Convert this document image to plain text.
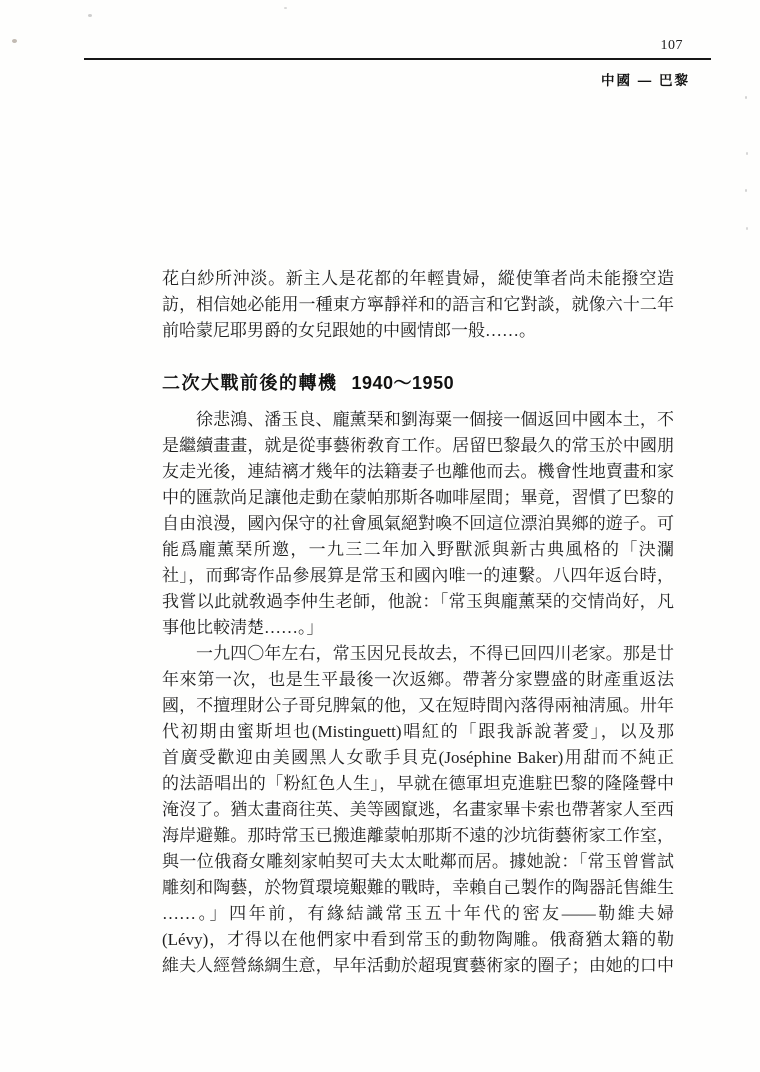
107
中國 — 巴黎
花白紗所沖淡。新主人是花都的年輕貴婦，縱使筆者尚未能撥空造
訪，相信她必能用一種東方寧靜祥和的語言和它對談，就像六十二年
前哈蒙尼耶男爵的女兒跟她的中國情郎一般……。
二次大戰前後的轉機 1940～1950
徐悲鴻、潘玉良、龐薰琹和劉海粟一個接一個返回中國本土，不
是繼續畫畫，就是從事藝術敎育工作。居留巴黎最久的常玉於中國朋
友走光後，連結褵才幾年的法籍妻子也離他而去。機會性地賣畫和家
中的匯款尚足讓他走動在蒙帕那斯各咖啡屋間；畢竟，習慣了巴黎的
自由浪漫，國內保守的社會風氣絕對喚不回這位漂泊異鄉的遊子。可
能爲龐薰琹所邀，一九三二年加入野獸派與新古典風格的「決瀾
社」，而郵寄作品參展算是常玉和國內唯一的連繫。八四年返台時，
我嘗以此就敎過李仲生老師，他說：「常玉與龐薰琹的交情尚好，凡
事他比較淸楚……。」
一九四〇年左右，常玉因兄長故去，不得已回四川老家。那是廿
年來第一次，也是生平最後一次返鄉。帶著分家豐盛的財產重返法
國，不擅理財公子哥兒脾氣的他，又在短時間內落得兩袖淸風。卅年
代初期由蜜斯坦也(Mistinguett)唱紅的「跟我訴說著愛」，以及那
首廣受歡迎由美國黑人女歌手貝克(Joséphine Baker)用甜而不純正
的法語唱出的「粉紅色人生」，早就在德軍坦克進駐巴黎的隆隆聲中
淹沒了。猶太畫商往英、美等國竄逃，名畫家畢卡索也帶著家人至西
海岸避難。那時常玉已搬進離蒙帕那斯不遠的沙坑街藝術家工作室，
與一位俄裔女雕刻家帕契可夫太太毗鄰而居。據她說：「常玉曾嘗試
雕刻和陶藝，於物質環境艱難的戰時，幸賴自己製作的陶器託售維生
……。」四年前，有緣結識常玉五十年代的密友——勒維夫婦
(Lévy)，才得以在他們家中看到常玉的動物陶雕。俄裔猶太籍的勒
維夫人經營絲綢生意，早年活動於超現實藝術家的圈子；由她的口中
